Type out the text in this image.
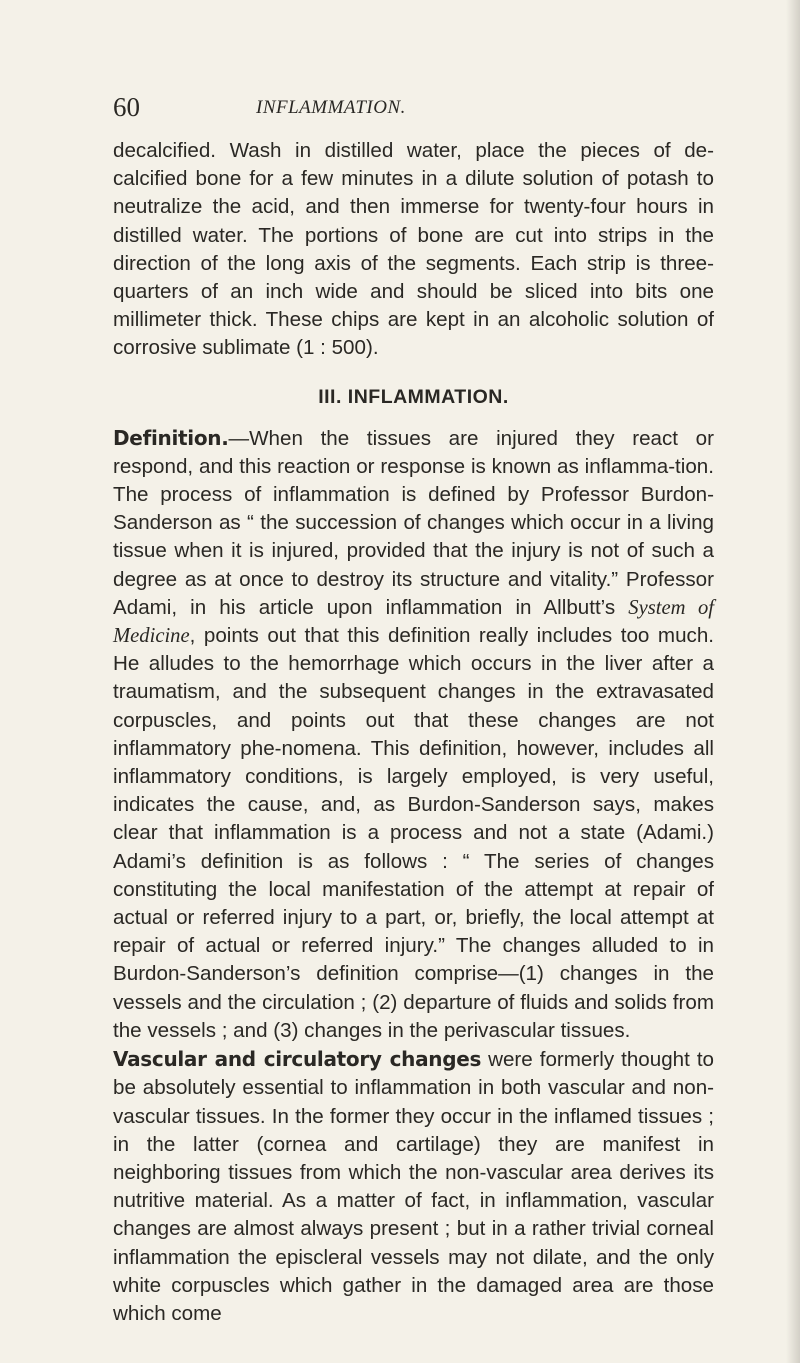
60	INFLAMMATION.

decalcified. Wash in distilled water, place the pieces of de-calcified bone for a few minutes in a dilute solution of potash to neutralize the acid, and then immerse for twenty-four hours in distilled water. The portions of bone are cut into strips in the direction of the long axis of the segments. Each strip is three-quarters of an inch wide and should be sliced into bits one millimeter thick. These chips are kept in an alcoholic solution of corrosive sublimate (1 : 500).

III. INFLAMMATION.

Definition.—When the tissues are injured they react or respond, and this reaction or response is known as inflamma-tion. The process of inflammation is defined by Professor Burdon-Sanderson as “ the succession of changes which occur in a living tissue when it is injured, provided that the injury is not of such a degree as at once to destroy its structure and vitality.” Professor Adami, in his article upon inflammation in Allbutt’s System of Medicine, points out that this definition really includes too much. He alludes to the hemorrhage which occurs in the liver after a traumatism, and the subsequent changes in the extravasated corpuscles, and points out that these changes are not inflammatory phe-nomena. This definition, however, includes all inflammatory conditions, is largely employed, is very useful, indicates the cause, and, as Burdon-Sanderson says, makes clear that inflammation is a process and not a state (Adami.) Adami’s definition is as follows : “ The series of changes constituting the local manifestation of the attempt at repair of actual or referred injury to a part, or, briefly, the local attempt at repair of actual or referred injury.” The changes alluded to in Burdon-Sanderson’s definition comprise—(1) changes in the vessels and the circulation ; (2) departure of fluids and solids from the vessels ; and (3) changes in the perivascular tissues.

Vascular and circulatory changes were formerly thought to be absolutely essential to inflammation in both vascular and non-vascular tissues. In the former they occur in the inflamed tissues ; in the latter (cornea and cartilage) they are manifest in neighboring tissues from which the non-vascular area derives its nutritive material. As a matter of fact, in inflammation, vascular changes are almost always present ; but in a rather trivial corneal inflammation the episcleral vessels may not dilate, and the only white corpuscles which gather in the damaged area are those which come
